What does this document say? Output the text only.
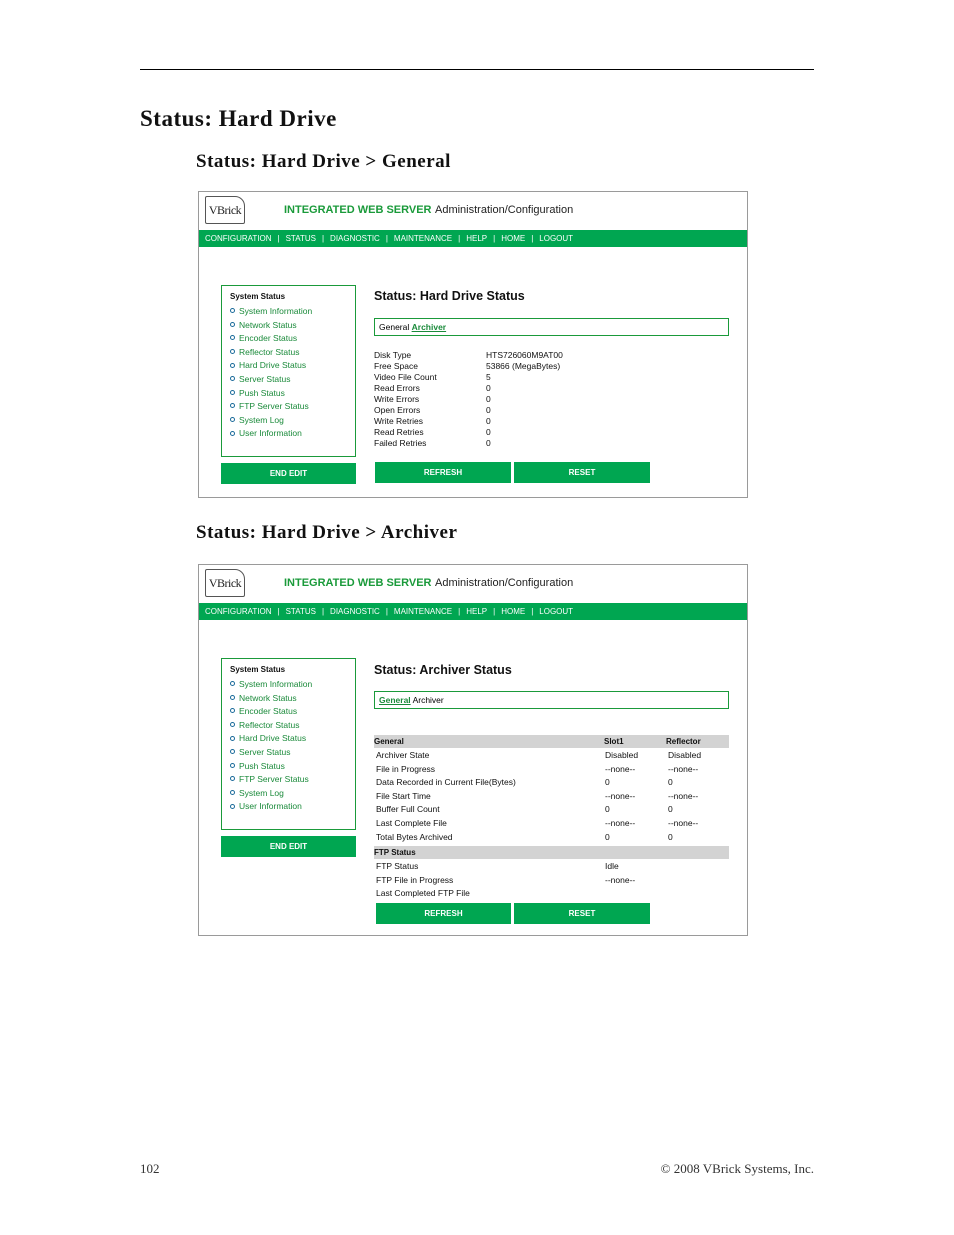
Status: Hard Drive
Status: Hard Drive > General
VBrick	INTEGRATED WEB SERVER Administration/Configuration
CONFIGURATION | STATUS | DIAGNOSTIC | MAINTENANCE | HELP | HOME | LOGOUT
System Status
System Information
Network Status
Encoder Status
Reflector Status
Hard Drive Status
Server Status
Push Status
FTP Server Status
System Log
User Information
END EDIT
Status: Hard Drive Status
General Archiver
Disk Type	HTS726060M9AT00
Free Space	53866 (MegaBytes)
Video File Count	5
Read Errors	0
Write Errors	0
Open Errors	0
Write Retries	0
Read Retries	0
Failed Retries	0
REFRESH	RESET
Status: Hard Drive > Archiver
VBrick	INTEGRATED WEB SERVER Administration/Configuration
CONFIGURATION | STATUS | DIAGNOSTIC | MAINTENANCE | HELP | HOME | LOGOUT
System Status
System Information
Network Status
Encoder Status
Reflector Status
Hard Drive Status
Server Status
Push Status
FTP Server Status
System Log
User Information
END EDIT
Status: Archiver Status
General Archiver
General	Slot1	Reflector
Archiver State	Disabled	Disabled
File in Progress	--none--	--none--
Data Recorded in Current File(Bytes)	0	0
File Start Time	--none--	--none--
Buffer Full Count	0	0
Last Complete File	--none--	--none--
Total Bytes Archived	0	0
FTP Status
FTP Status	Idle
FTP File in Progress	--none--
Last Completed FTP File
REFRESH	RESET
102	© 2008 VBrick Systems, Inc.
